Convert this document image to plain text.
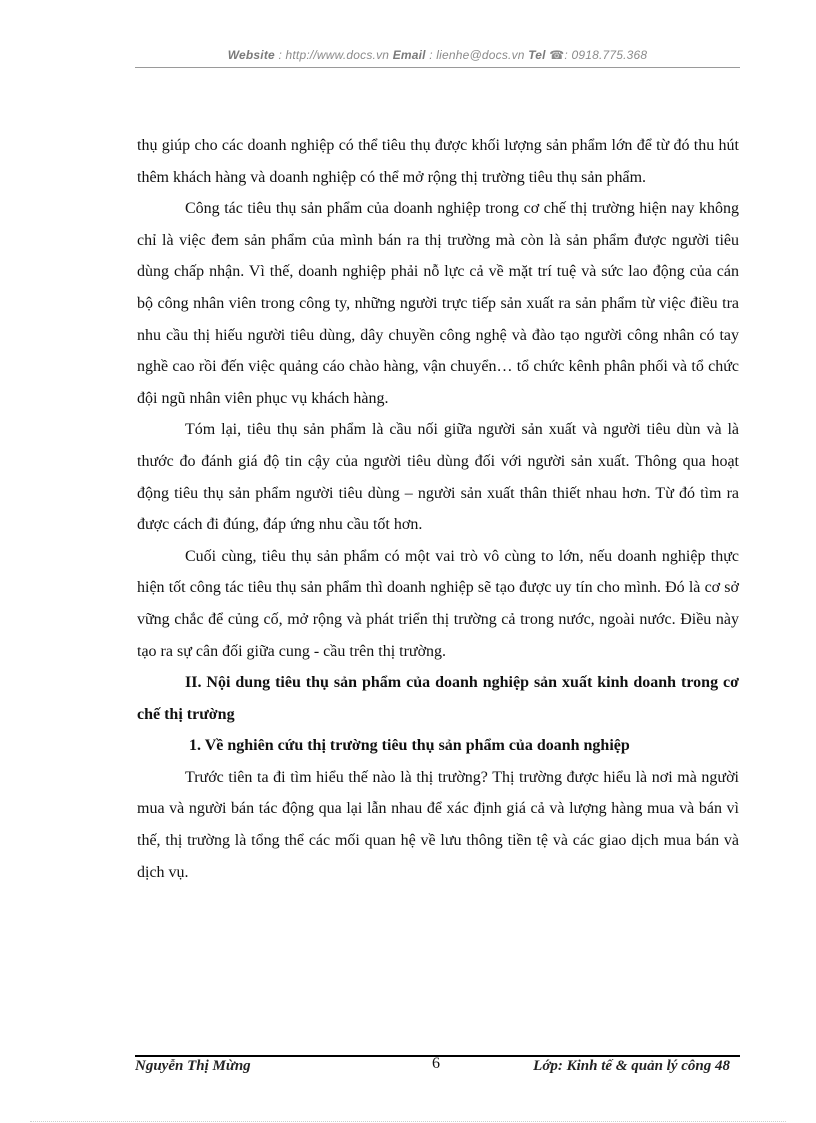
Website : http://www.docs.vn Email : lienhe@docs.vn Tel ☎: 0918.775.368

thụ giúp cho các doanh nghiệp có thể tiêu thụ được khối lượng sản phẩm lớn để từ đó thu hút thêm khách hàng và doanh nghiệp có thể mở rộng thị trường tiêu thụ sản phẩm.

Công tác tiêu thụ sản phẩm của doanh nghiệp trong cơ chế thị trường hiện nay không chỉ là việc đem sản phẩm của mình bán ra thị trường mà còn là sản phẩm được người tiêu dùng chấp nhận. Vì thế, doanh nghiệp phải nỗ lực cả về mặt trí tuệ và sức lao động của cán bộ công nhân viên trong công ty, những người trực tiếp sản xuất ra sản phẩm từ việc điều tra nhu cầu thị hiếu người tiêu dùng, dây chuyền công nghệ và đào tạo người công nhân có tay nghề cao rồi đến việc quảng cáo chào hàng, vận chuyển… tổ chức kênh phân phối và tổ chức đội ngũ nhân viên phục vụ khách hàng.

Tóm lại, tiêu thụ sản phẩm là cầu nối giữa người sản xuất và người tiêu dùn và là thước đo đánh giá độ tin cậy của người tiêu dùng đối với người sản xuất. Thông qua hoạt động tiêu thụ sản phẩm người tiêu dùng – người sản xuất thân thiết nhau hơn. Từ đó tìm ra được cách đi đúng, đáp ứng nhu cầu tốt hơn.

Cuối cùng, tiêu thụ sản phẩm có một vai trò vô cùng to lớn, nếu doanh nghiệp thực hiện tốt công tác tiêu thụ sản phẩm thì doanh nghiệp sẽ tạo được uy tín cho mình. Đó là cơ sở vững chắc để củng cố, mở rộng và phát triển thị trường cả trong nước, ngoài nước. Điều này tạo ra sự cân đối giữa cung - cầu trên thị trường.

II. Nội dung tiêu thụ sản phẩm của doanh nghiệp sản xuất kinh doanh trong cơ chế thị trường

1. Về nghiên cứu thị trường tiêu thụ sản phẩm của doanh nghiệp

Trước tiên ta đi tìm hiểu thế nào là thị trường? Thị trường được hiểu là nơi mà người mua và người bán tác động qua lại lẫn nhau để xác định giá cả và lượng hàng mua và bán vì thế, thị trường là tổng thể các mối quan hệ về lưu thông tiền tệ và các giao dịch mua bán và dịch vụ.

Nguyễn Thị Mừng	6	Lớp: Kinh tế & quản lý công 48
